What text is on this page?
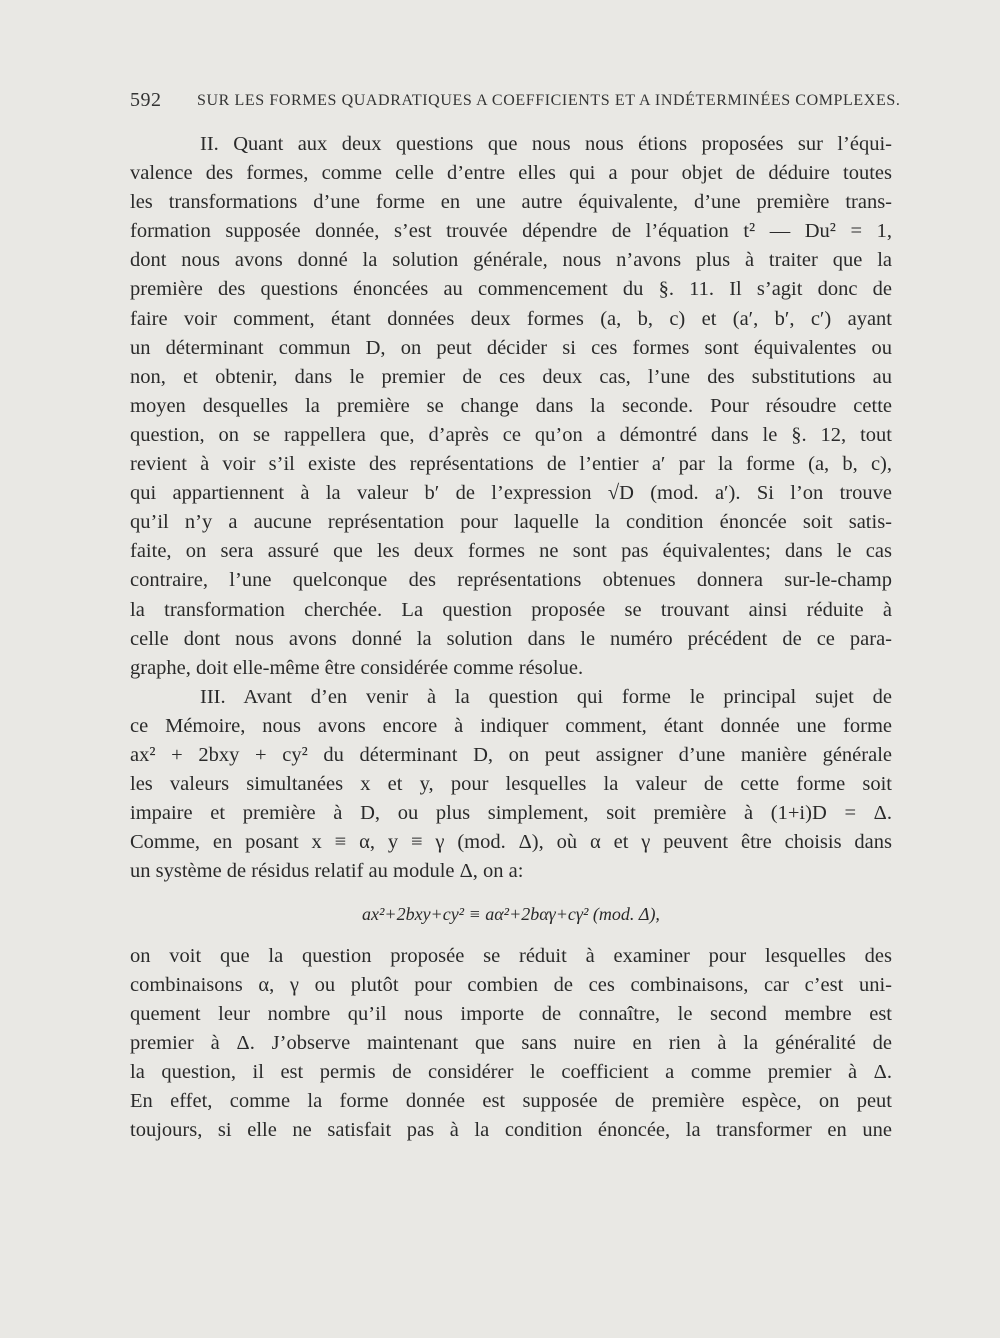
592 SUR LES FORMES QUADRATIQUES A COEFFICIENTS ET A INDÉTERMINÉES COMPLEXES.
II. Quant aux deux questions que nous nous étions proposées sur l’équi-
valence des formes, comme celle d’entre elles qui a pour objet de déduire toutes
les transformations d’une forme en une autre équivalente, d’une première trans-
formation supposée donnée, s’est trouvée dépendre de l’équation t² — Du² = 1,
dont nous avons donné la solution générale, nous n’avons plus à traiter que la
première des questions énoncées au commencement du §. 11. Il s’agit donc de
faire voir comment, étant données deux formes (a, b, c) et (a′, b′, c′) ayant
un déterminant commun D, on peut décider si ces formes sont équivalentes ou
non, et obtenir, dans le premier de ces deux cas, l’une des substitutions au
moyen desquelles la première se change dans la seconde. Pour résoudre cette
question, on se rappellera que, d’après ce qu’on a démontré dans le §. 12, tout
revient à voir s’il existe des représentations de l’entier a′ par la forme (a, b, c),
qui appartiennent à la valeur b′ de l’expression √D (mod. a′). Si l’on trouve
qu’il n’y a aucune représentation pour laquelle la condition énoncée soit satis-
faite, on sera assuré que les deux formes ne sont pas équivalentes; dans le cas
contraire, l’une quelconque des représentations obtenues donnera sur-le-champ
la transformation cherchée. La question proposée se trouvant ainsi réduite à
celle dont nous avons donné la solution dans le numéro précédent de ce para-
graphe, doit elle-même être considérée comme résolue.
III. Avant d’en venir à la question qui forme le principal sujet de
ce Mémoire, nous avons encore à indiquer comment, étant donnée une forme
ax² + 2bxy + cy² du déterminant D, on peut assigner d’une manière générale
les valeurs simultanées x et y, pour lesquelles la valeur de cette forme soit
impaire et première à D, ou plus simplement, soit première à (1+i)D = Δ.
Comme, en posant x ≡ α, y ≡ γ (mod. Δ), où α et γ peuvent être choisis dans
un système de résidus relatif au module Δ, on a:
ax²+2bxy+cy² ≡ aα²+2bαγ+cγ² (mod. Δ),
on voit que la question proposée se réduit à examiner pour lesquelles des
combinaisons α, γ ou plutôt pour combien de ces combinaisons, car c’est uni-
quement leur nombre qu’il nous importe de connaître, le second membre est
premier à Δ. J’observe maintenant que sans nuire en rien à la généralité de
la question, il est permis de considérer le coefficient a comme premier à Δ.
En effet, comme la forme donnée est supposée de première espèce, on peut
toujours, si elle ne satisfait pas à la condition énoncée, la transformer en une
